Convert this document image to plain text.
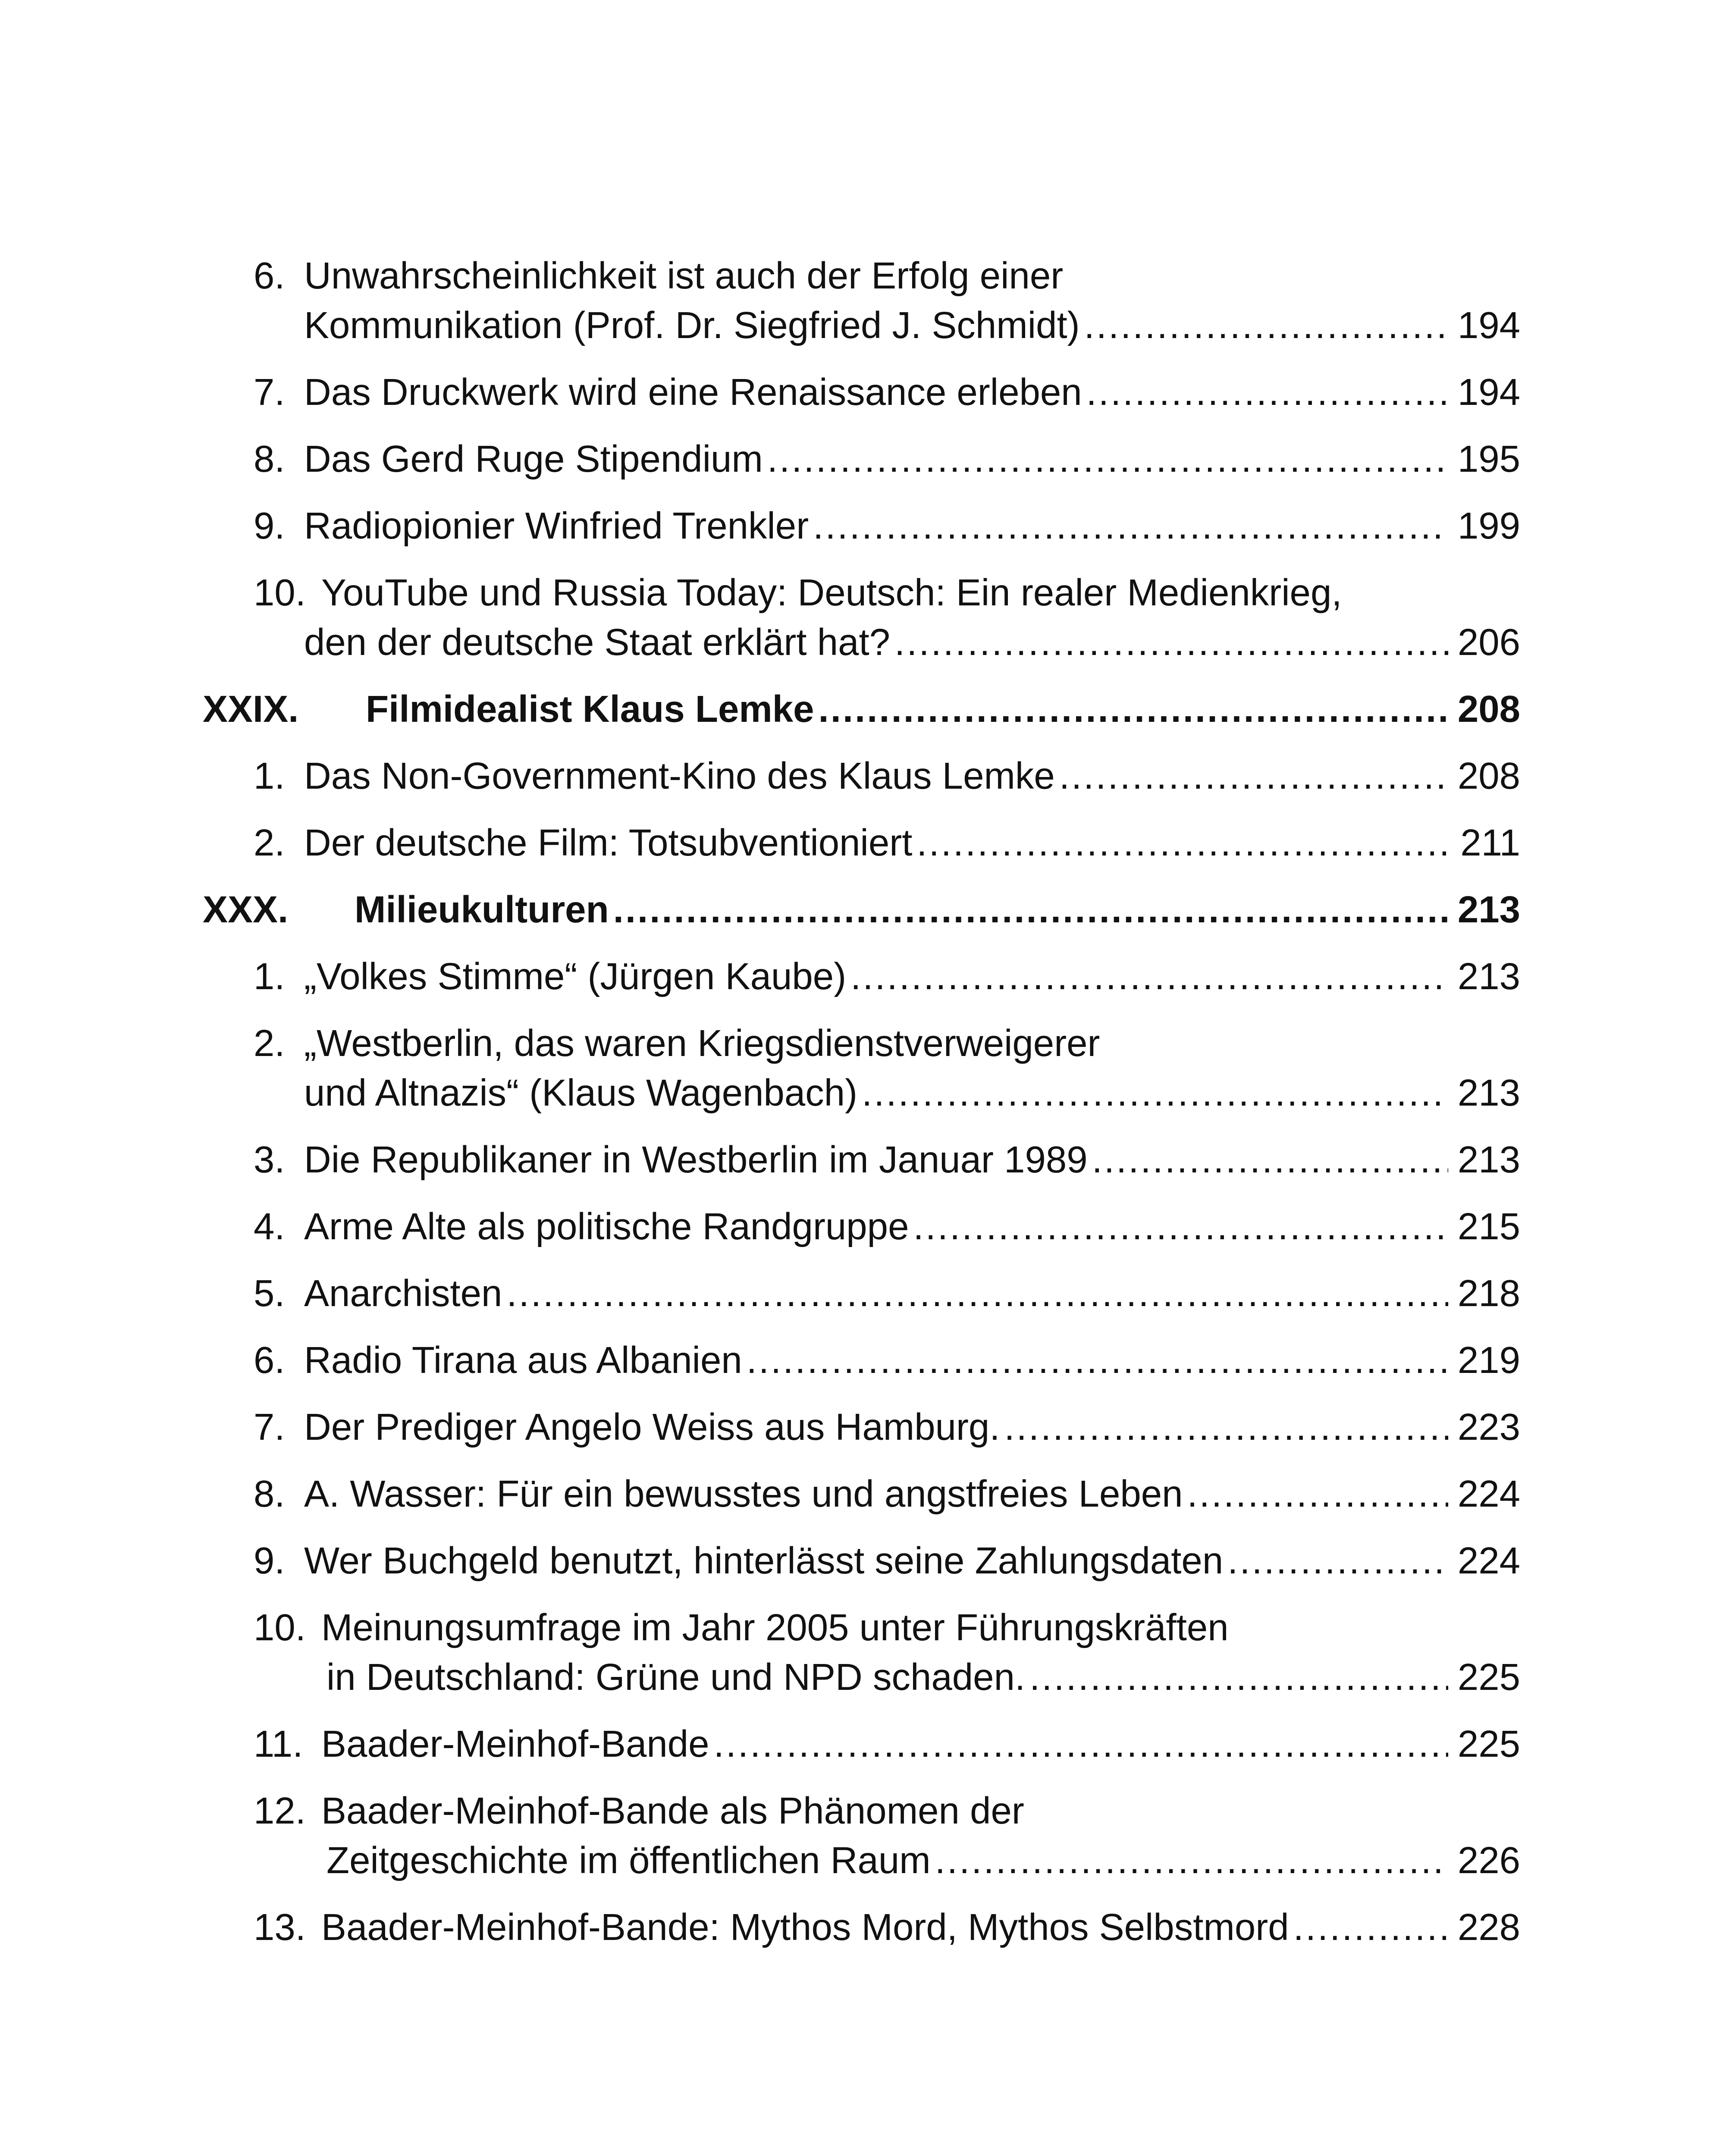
6. Unwahrscheinlichkeit ist auch der Erfolg einer
Kommunikation (Prof. Dr. Siegfried J. Schmidt) .....	194
7. Das Druckwerk wird eine Renaissance erleben .....	194
8. Das Gerd Ruge Stipendium .....	195
9. Radiopionier Winfried Trenkler .....	199
10. YouTube und Russia Today: Deutsch: Ein realer Medienkrieg,
den der deutsche Staat erklärt hat? .....	206
XXIX. Filmidealist Klaus Lemke .....	208
1. Das Non-Government-Kino des Klaus Lemke .....	208
2. Der deutsche Film: Totsubventioniert .....	211
XXX. Milieukulturen .....	213
1. „Volkes Stimme“ (Jürgen Kaube) .....	213
2. „Westberlin, das waren Kriegsdienstverweigerer
und Altnazis“ (Klaus Wagenbach) .....	213
3. Die Republikaner in Westberlin im Januar 1989 .....	213
4. Arme Alte als politische Randgruppe .....	215
5. Anarchisten .....	218
6. Radio Tirana aus Albanien .....	219
7. Der Prediger Angelo Weiss aus Hamburg. .....	223
8. A. Wasser: Für ein bewusstes und angstfreies Leben .....	224
9. Wer Buchgeld benutzt, hinterlässt seine Zahlungsdaten .....	224
10. Meinungsumfrage im Jahr 2005 unter Führungskräften
in Deutschland: Grüne und NPD schaden. .....	225
11. Baader-Meinhof-Bande .....	225
12. Baader-Meinhof-Bande als Phänomen der
Zeitgeschichte im öffentlichen Raum .....	226
13. Baader-Meinhof-Bande: Mythos Mord, Mythos Selbstmord .....	228
